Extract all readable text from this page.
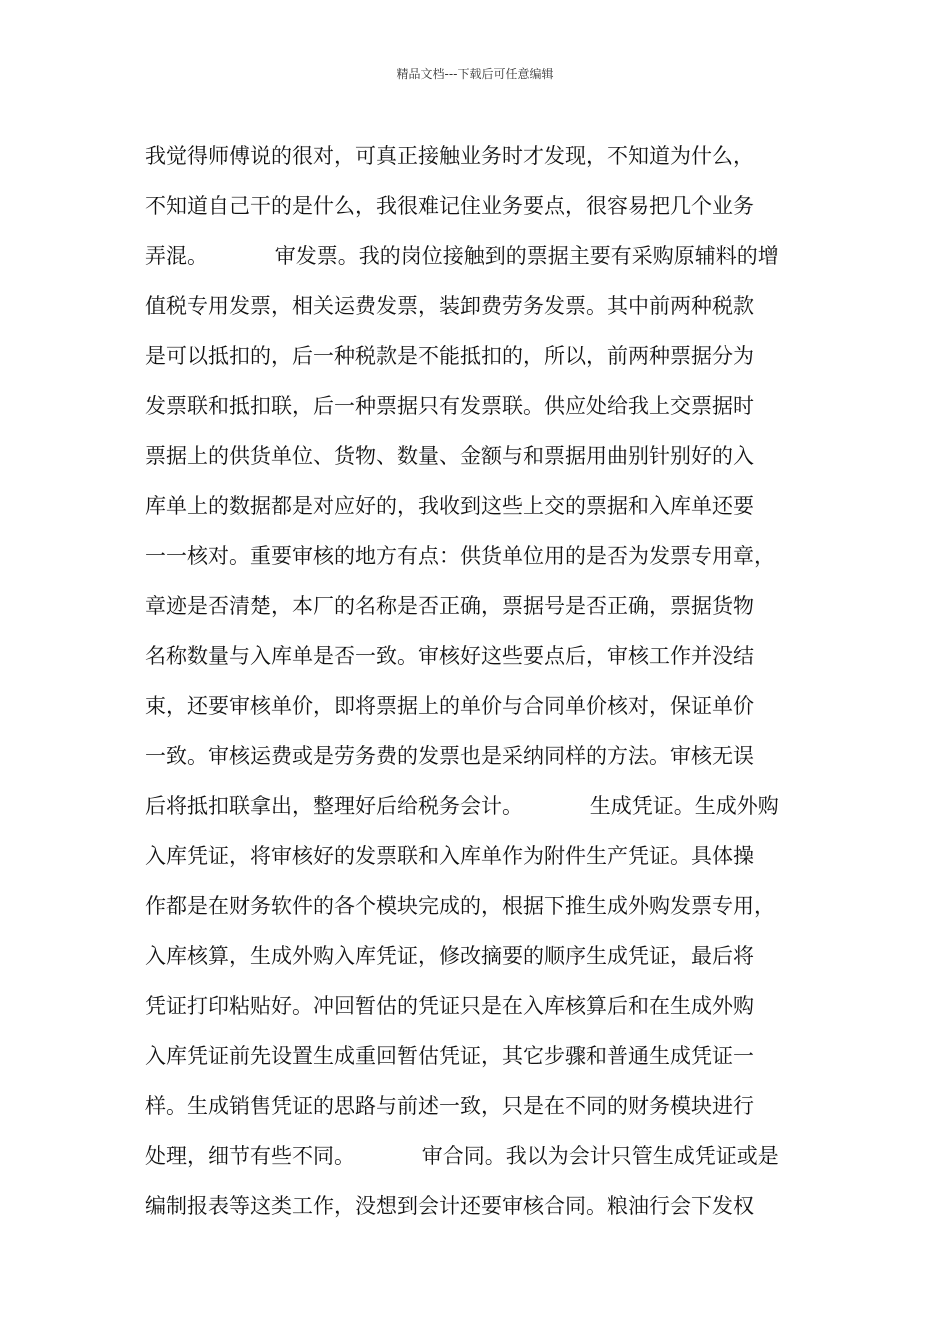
精品文档---下载后可任意编辑
我觉得师傅说的很对，可真正接触业务时才发现，不知道为什么，
不知道自己干的是什么，我很难记住业务要点，很容易把几个业务
弄混。          审发票。我的岗位接触到的票据主要有采购原辅料的增
值税专用发票，相关运费发票，装卸费劳务发票。其中前两种税款
是可以抵扣的，后一种税款是不能抵扣的，所以，前两种票据分为
发票联和抵扣联，后一种票据只有发票联。供应处给我上交票据时
票据上的供货单位、货物、数量、金额与和票据用曲别针别好的入
库单上的数据都是对应好的，我收到这些上交的票据和入库单还要
一一核对。重要审核的地方有点：供货单位用的是否为发票专用章，
章迹是否清楚，本厂的名称是否正确，票据号是否正确，票据货物
名称数量与入库单是否一致。审核好这些要点后，审核工作并没结
束，还要审核单价，即将票据上的单价与合同单价核对，保证单价
一致。审核运费或是劳务费的发票也是采纳同样的方法。审核无误
后将抵扣联拿出，整理好后给税务会计。          生成凭证。生成外购
入库凭证，将审核好的发票联和入库单作为附件生产凭证。具体操
作都是在财务软件的各个模块完成的，根据下推生成外购发票专用，
入库核算，生成外购入库凭证，修改摘要的顺序生成凭证，最后将
凭证打印粘贴好。冲回暂估的凭证只是在入库核算后和在生成外购
入库凭证前先设置生成重回暂估凭证，其它步骤和普通生成凭证一
样。生成销售凭证的思路与前述一致，只是在不同的财务模块进行
处理，细节有些不同。          审合同。我以为会计只管生成凭证或是
编制报表等这类工作，没想到会计还要审核合同。粮油行会下发权
